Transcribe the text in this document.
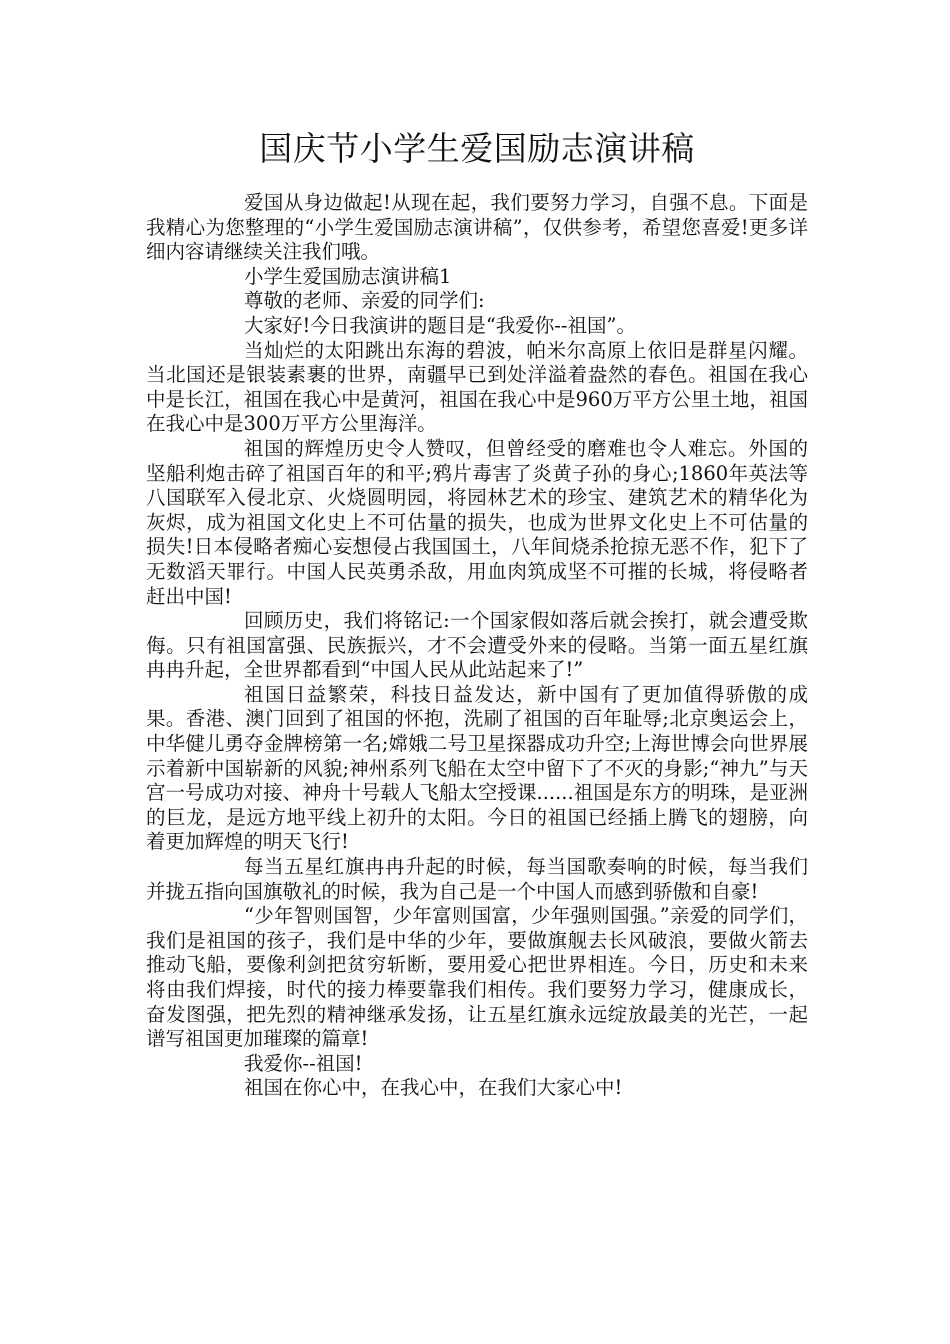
国庆节小学生爱国励志演讲稿

爱国从身边做起!从现在起，我们要努力学习，自强不息。下面是我精心为您整理的“小学生爱国励志演讲稿”，仅供参考，希望您喜爱!更多详细内容请继续关注我们哦。

小学生爱国励志演讲稿1

尊敬的老师、亲爱的同学们:

大家好!今日我演讲的题目是“我爱你--祖国”。

当灿烂的太阳跳出东海的碧波，帕米尔高原上依旧是群星闪耀。当北国还是银装素裹的世界，南疆早已到处洋溢着盎然的春色。祖国在我心中是长江，祖国在我心中是黄河，祖国在我心中是960万平方公里土地，祖国在我心中是300万平方公里海洋。

祖国的辉煌历史令人赞叹，但曾经受的磨难也令人难忘。外国的坚船利炮击碎了祖国百年的和平;鸦片毒害了炎黄子孙的身心;1860年英法等八国联军入侵北京、火烧圆明园，将园林艺术的珍宝、建筑艺术的精华化为灰烬，成为祖国文化史上不可估量的损失，也成为世界文化史上不可估量的损失!日本侵略者痴心妄想侵占我国国土，八年间烧杀抢掠无恶不作，犯下了无数滔天罪行。中国人民英勇杀敌，用血肉筑成坚不可摧的长城，将侵略者赶出中国!

回顾历史，我们将铭记:一个国家假如落后就会挨打，就会遭受欺侮。只有祖国富强、民族振兴，才不会遭受外来的侵略。当第一面五星红旗冉冉升起，全世界都看到“中国人民从此站起来了!”

祖国日益繁荣，科技日益发达，新中国有了更加值得骄傲的成果。香港、澳门回到了祖国的怀抱，洗刷了祖国的百年耻辱;北京奥运会上，中华健儿勇夺金牌榜第一名;嫦娥二号卫星探器成功升空;上海世博会向世界展示着新中国崭新的风貌;神州系列飞船在太空中留下了不灭的身影;“神九”与天宫一号成功对接、神舟十号载人飞船太空授课......祖国是东方的明珠，是亚洲的巨龙，是远方地平线上初升的太阳。今日的祖国已经插上腾飞的翅膀，向着更加辉煌的明天飞行!

每当五星红旗冉冉升起的时候，每当国歌奏响的时候，每当我们并拢五指向国旗敬礼的时候，我为自己是一个中国人而感到骄傲和自豪!

“少年智则国智，少年富则国富，少年强则国强。”亲爱的同学们，我们是祖国的孩子，我们是中华的少年，要做旗舰去长风破浪，要做火箭去推动飞船，要像利剑把贫穷斩断，要用爱心把世界相连。今日，历史和未来将由我们焊接，时代的接力棒要靠我们相传。我们要努力学习，健康成长，奋发图强，把先烈的精神继承发扬，让五星红旗永远绽放最美的光芒，一起谱写祖国更加璀璨的篇章!

我爱你--祖国!

祖国在你心中，在我心中，在我们大家心中!
